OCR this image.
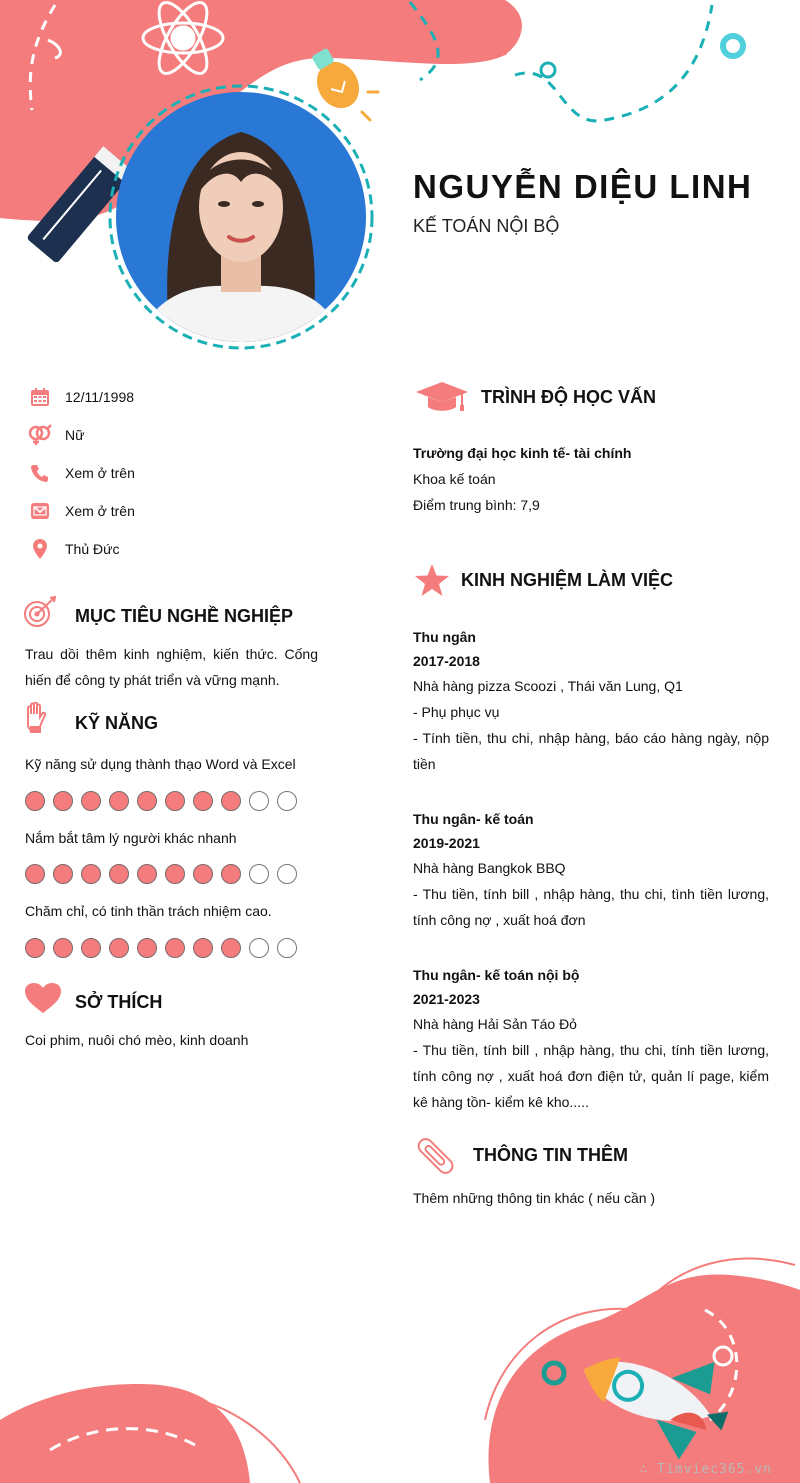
NGUYỄN DIỆU LINH
KẾ TOÁN NỘI BỘ
12/11/1998
Nữ
Xem ở trên
Xem ở trên
Thủ Đức
MỤC TIÊU NGHỀ NGHIỆP
Trau dồi thêm kinh nghiệm, kiến thức. Cống hiến để công ty phát triển và vững mạnh.
KỸ NĂNG
Kỹ năng sử dụng thành thạo Word và Excel
Nắm bắt tâm lý người khác nhanh
Chăm chỉ, có tinh thần trách nhiệm cao.
SỞ THÍCH
Coi phim, nuôi chó mèo, kinh doanh
TRÌNH ĐỘ HỌC VẤN
Trường đại học kinh tế- tài chính
Khoa kế toán
Điểm trung bình: 7,9
KINH NGHIỆM LÀM VIỆC
Thu ngân
2017-2018
Nhà hàng pizza Scoozi , Thái văn Lung, Q1
- Phụ phục vụ
- Tính tiền, thu chi, nhập hàng, báo cáo hàng ngày, nộp tiền
Thu ngân- kế toán
2019-2021
Nhà hàng Bangkok BBQ
- Thu tiền, tính bill , nhập hàng, thu chi, tình tiền lương, tính công nợ , xuất hoá đơn
Thu ngân- kế toán nội bộ
2021-2023
Nhà hàng Hải Sản Táo Đỏ
- Thu tiền, tính bill , nhập hàng, thu chi, tính tiền lương, tính công nợ , xuất hoá đơn điện tử, quản lí page, kiểm kê hàng tồn- kiểm kê kho.....
THÔNG TIN THÊM
Thêm những thông tin khác ( nếu cần )
∴ Timviec365.vn
